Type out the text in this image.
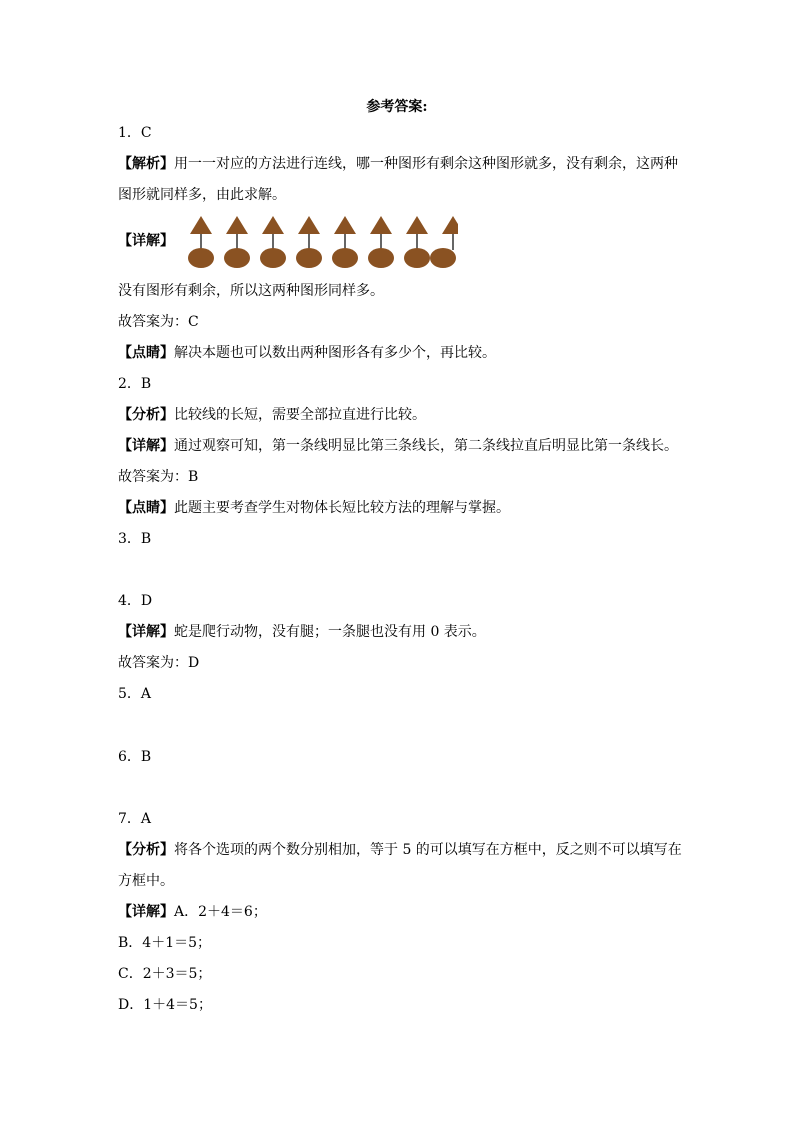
参考答案:
1．C
【解析】用一一对应的方法进行连线，哪一种图形有剩余这种图形就多，没有剩余，这两种
图形就同样多，由此求解。
【详解】
没有图形有剩余，所以这两种图形同样多。
故答案为：C
【点睛】解决本题也可以数出两种图形各有多少个，再比较。
2．B
【分析】比较线的长短，需要全部拉直进行比较。
【详解】通过观察可知，第一条线明显比第三条线长，第二条线拉直后明显比第一条线长。
故答案为：B
【点睛】此题主要考查学生对物体长短比较方法的理解与掌握。
3．B
4．D
【详解】蛇是爬行动物，没有腿；一条腿也没有用 0 表示。
故答案为：D
5．A
6．B
7．A
【分析】将各个选项的两个数分别相加，等于 5 的可以填写在方框中，反之则不可以填写在
方框中。
【详解】A．2＋4＝6；
B．4＋1＝5；
C．2＋3＝5；
D．1＋4＝5；
